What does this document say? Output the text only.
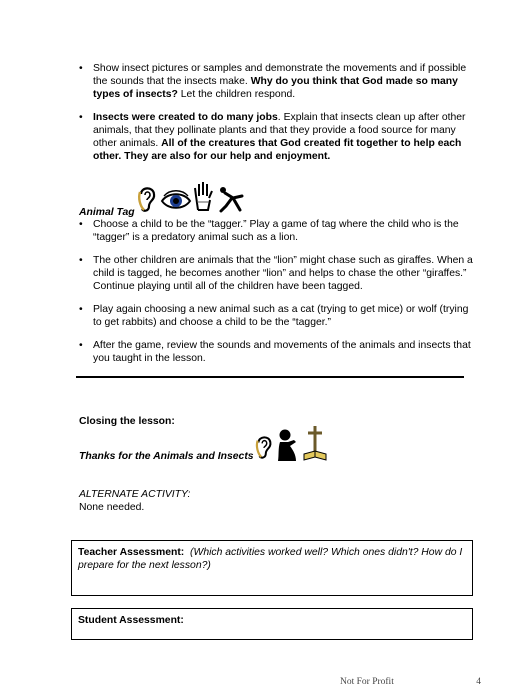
• Show insect pictures or samples and demonstrate the movements and if possible the sounds that the insects make. Why do you think that God made so many types of insects? Let the children respond.
• Insects were created to do many jobs. Explain that insects clean up after other animals, that they pollinate plants and that they provide a food source for many other animals. All of the creatures that God created fit together to help each other. They are also for our help and enjoyment.
Animal Tag
• Choose a child to be the “tagger.” Play a game of tag where the child who is the “tagger” is a predatory animal such as a lion.
• The other children are animals that the “lion” might chase such as giraffes. When a child is tagged, he becomes another “lion” and helps to chase the other “giraffes.” Continue playing until all of the children have been tagged.
• Play again choosing a new animal such as a cat (trying to get mice) or wolf (trying to get rabbits) and choose a child to be the “tagger.”
• After the game, review the sounds and movements of the animals and insects that you taught in the lesson.
Closing the lesson:
Thanks for the Animals and Insects
ALTERNATE ACTIVITY:
None needed.
Teacher Assessment: (Which activities worked well? Which ones didn't? How do I prepare for the next lesson?)
Student Assessment:
Not For Profit	4
